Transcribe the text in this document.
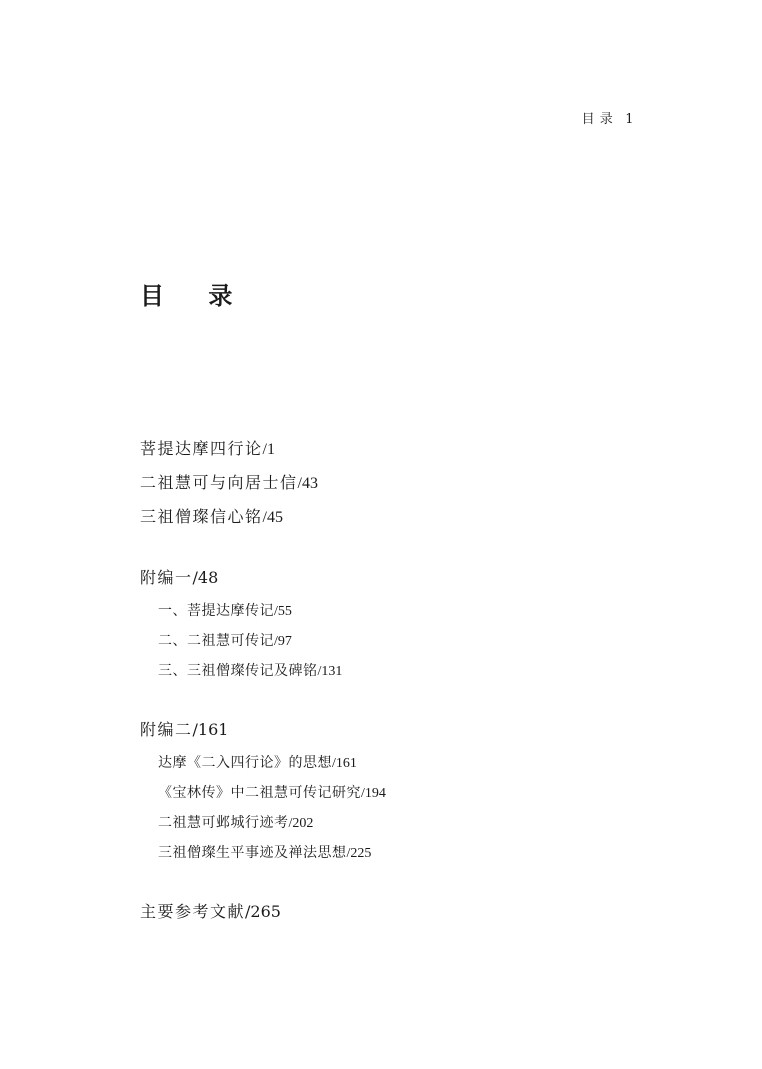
目 录 1
目 录
菩提达摩四行论/1
二祖慧可与向居士信/43
三祖僧璨信心铭/45
附编一/48
一、菩提达摩传记/55
二、二祖慧可传记/97
三、三祖僧璨传记及碑铭/131
附编二/161
达摩《二入四行论》的思想/161
《宝林传》中二祖慧可传记研究/194
二祖慧可邺城行迹考/202
三祖僧璨生平事迹及禅法思想/225
主要参考文献/265
